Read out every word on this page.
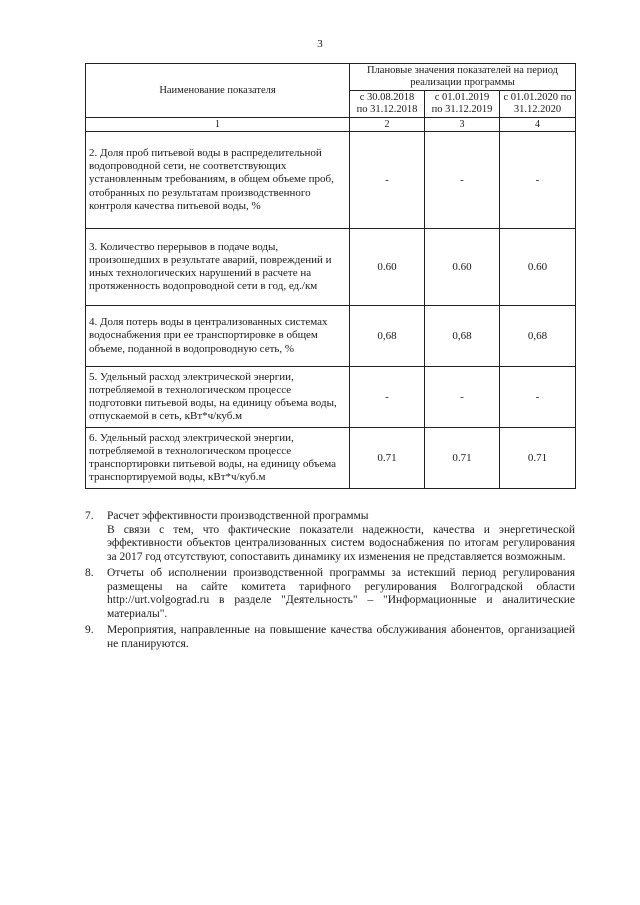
3
Наименование показателя	Плановые значения показателей на период реализации программы		
	с 30.08.2018 по 31.12.2018	с 01.01.2019 по 31.12.2019	с 01.01.2020 по 31.12.2020
1	2	3	4
2. Доля проб питьевой воды в распределительной водопроводной сети, не соответствующих установленным требованиям, в общем объеме проб, отобранных по результатам производственного контроля качества питьевой воды, %	-	-	-
3. Количество перерывов в подаче воды, произошедших в результате аварий, повреждений и иных технологических нарушений в расчете на протяженность водопроводной сети в год, ед./км	0.60	0.60	0.60
4. Доля потерь воды в централизованных системах водоснабжения при ее транспортировке в общем объеме, поданной в водопроводную сеть, %	0,68	0,68	0,68
5. Удельный расход электрической энергии, потребляемой в технологическом процессе подготовки питьевой воды, на единицу объема воды, отпускаемой в сеть, кВт*ч/куб.м	-	-	-
6. Удельный расход электрической энергии, потребляемой в технологическом процессе транспортировки питьевой воды, на единицу объема транспортируемой воды, кВт*ч/куб.м	0.71	0.71	0.71
7. Расчет эффективности производственной программы
В связи с тем, что фактические показатели надежности, качества и энергетической эффективности объектов централизованных систем водоснабжения по итогам регулирования за 2017 год отсутствуют, сопоставить динамику их изменения не представляется возможным.
8. Отчеты об исполнении производственной программы за истекший период регулирования размещены на сайте комитета тарифного регулирования Волгоградской области http://urt.volgograd.ru в разделе "Деятельность" – "Информационные и аналитические материалы".
9. Мероприятия, направленные на повышение качества обслуживания абонентов, организацией не планируются.
